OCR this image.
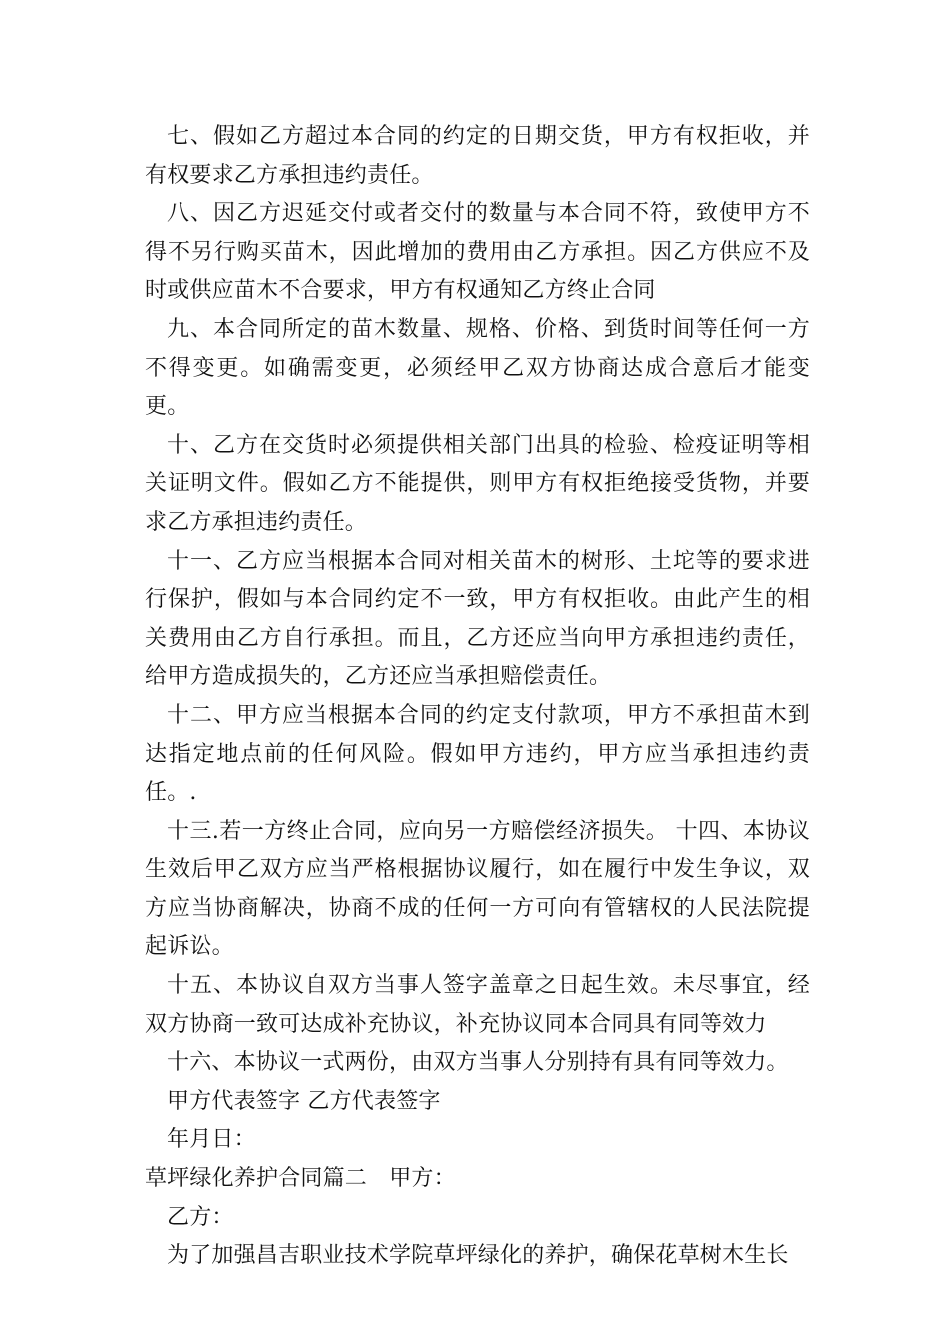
七、假如乙方超过本合同的约定的日期交货，甲方有权拒收，并有权要求乙方承担违约责任。

八、因乙方迟延交付或者交付的数量与本合同不符，致使甲方不得不另行购买苗木，因此增加的费用由乙方承担。因乙方供应不及时或供应苗木不合要求，甲方有权通知乙方终止合同

九、本合同所定的苗木数量、规格、价格、到货时间等任何一方不得变更。如确需变更，必须经甲乙双方协商达成合意后才能变更。

十、乙方在交货时必须提供相关部门出具的检验、检疫证明等相关证明文件。假如乙方不能提供，则甲方有权拒绝接受货物，并要求乙方承担违约责任。

十一、乙方应当根据本合同对相关苗木的树形、土坨等的要求进行保护，假如与本合同约定不一致，甲方有权拒收。由此产生的相关费用由乙方自行承担。而且，乙方还应当向甲方承担违约责任，给甲方造成损失的，乙方还应当承担赔偿责任。

十二、甲方应当根据本合同的约定支付款项，甲方不承担苗木到达指定地点前的任何风险。假如甲方违约，甲方应当承担违约责任。.

十三.若一方终止合同，应向另一方赔偿经济损失。 十四、本协议生效后甲乙双方应当严格根据协议履行，如在履行中发生争议，双方应当协商解决，协商不成的任何一方可向有管辖权的人民法院提起诉讼。

十五、本协议自双方当事人签字盖章之日起生效。未尽事宜，经双方协商一致可达成补充协议，补充协议同本合同具有同等效力

十六、本协议一式两份，由双方当事人分别持有具有同等效力。

甲方代表签字 乙方代表签字

年月日：

草坪绿化养护合同篇二　甲方：

乙方：

为了加强昌吉职业技术学院草坪绿化的养护，确保花草树木生长
